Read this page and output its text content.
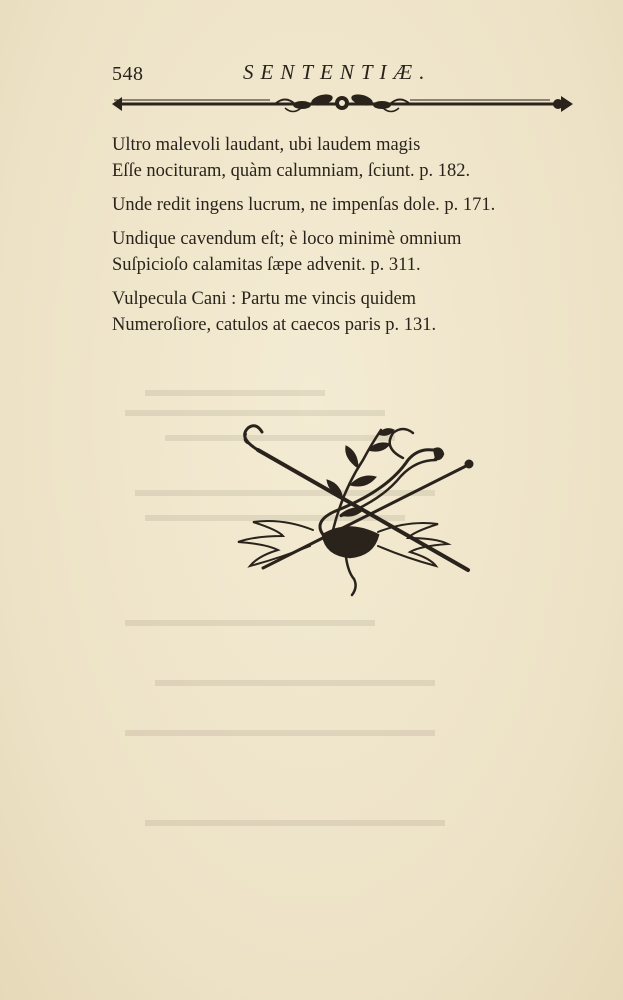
548	SENTENTIÆ.
Ultro malevoli laudant, ubi laudem magis
Eſſe nocituram, quàm calumniam, ſciunt. p. 182.
Unde redit ingens lucrum, ne impenſas dole. p. 171.
Undique cavendum eſt; è loco minimè omnium
Suſpicioſo calamitas ſæpe advenit. p. 311.
Vulpecula Cani : Partu me vincis quidem
Numeroſiore, catulos at caecos paris p. 131.
